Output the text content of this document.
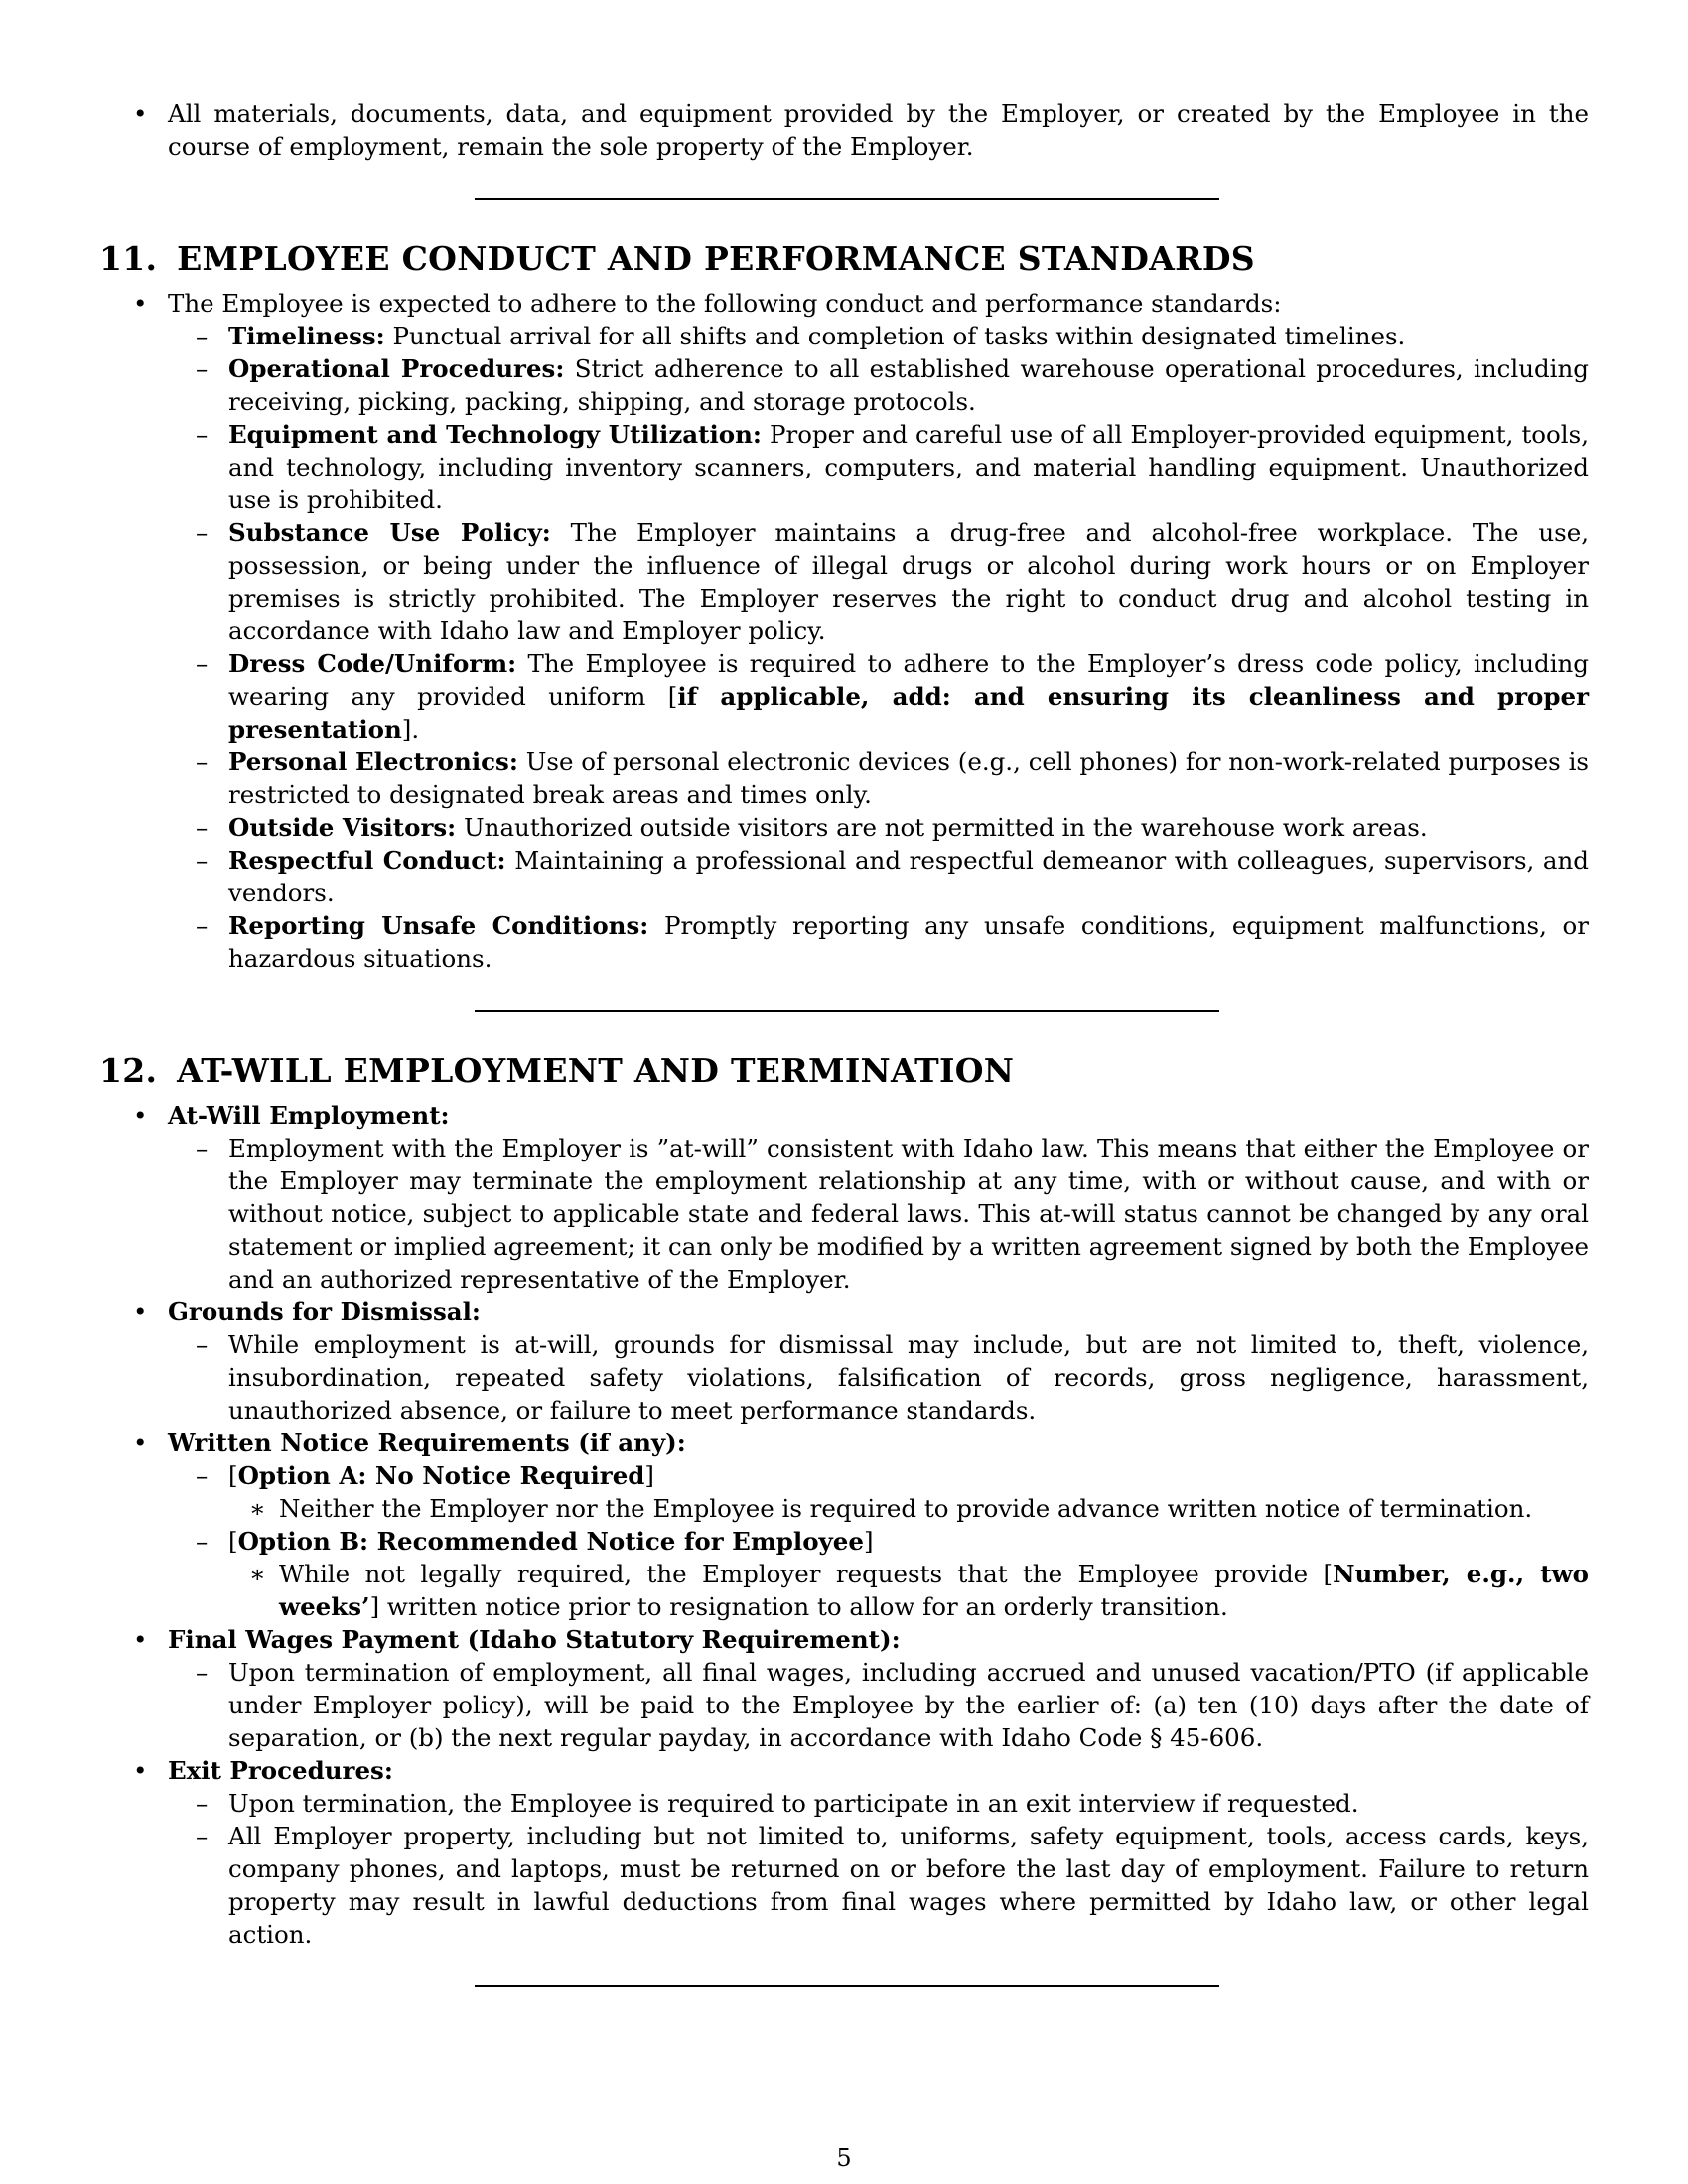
• All materials, documents, data, and equipment provided by the Employer, or created by the Employee in the course of employment, remain the sole property of the Employer.

11. EMPLOYEE CONDUCT AND PERFORMANCE STANDARDS

• The Employee is expected to adhere to the following conduct and performance standards:

– Timeliness: Punctual arrival for all shifts and completion of tasks within designated timelines.

– Operational Procedures: Strict adherence to all established warehouse operational procedures, including receiving, picking, packing, shipping, and storage protocols.

– Equipment and Technology Utilization: Proper and careful use of all Employer-provided equipment, tools, and technology, including inventory scanners, computers, and material handling equipment. Unauthorized use is prohibited.

– Substance Use Policy: The Employer maintains a drug-free and alcohol-free workplace. The use, possession, or being under the influence of illegal drugs or alcohol during work hours or on Employer premises is strictly prohibited. The Employer reserves the right to conduct drug and alcohol testing in accordance with Idaho law and Employer policy.

– Dress Code/Uniform: The Employee is required to adhere to the Employer’s dress code policy, including wearing any provided uniform [if applicable, add: and ensuring its cleanliness and proper presentation].

– Personal Electronics: Use of personal electronic devices (e.g., cell phones) for non-work-related purposes is restricted to designated break areas and times only.

– Outside Visitors: Unauthorized outside visitors are not permitted in the warehouse work areas.

– Respectful Conduct: Maintaining a professional and respectful demeanor with colleagues, supervisors, and vendors.

– Reporting Unsafe Conditions: Promptly reporting any unsafe conditions, equipment malfunctions, or hazardous situations.

12. AT-WILL EMPLOYMENT AND TERMINATION

• At-Will Employment:

– Employment with the Employer is ”at-will” consistent with Idaho law. This means that either the Employee or the Employer may terminate the employment relationship at any time, with or without cause, and with or without notice, subject to applicable state and federal laws. This at-will status cannot be changed by any oral statement or implied agreement; it can only be modified by a written agreement signed by both the Employee and an authorized representative of the Employer.

• Grounds for Dismissal:

– While employment is at-will, grounds for dismissal may include, but are not limited to, theft, violence, insubordination, repeated safety violations, falsification of records, gross negligence, harassment, unauthorized absence, or failure to meet performance standards.

• Written Notice Requirements (if any):

– [Option A: No Notice Required]

∗ Neither the Employer nor the Employee is required to provide advance written notice of termination.

– [Option B: Recommended Notice for Employee]

∗ While not legally required, the Employer requests that the Employee provide [Number, e.g., two weeks’] written notice prior to resignation to allow for an orderly transition.

• Final Wages Payment (Idaho Statutory Requirement):

– Upon termination of employment, all final wages, including accrued and unused vacation/PTO (if applicable under Employer policy), will be paid to the Employee by the earlier of: (a) ten (10) days after the date of separation, or (b) the next regular payday, in accordance with Idaho Code § 45-606.

• Exit Procedures:

– Upon termination, the Employee is required to participate in an exit interview if requested.

– All Employer property, including but not limited to, uniforms, safety equipment, tools, access cards, keys, company phones, and laptops, must be returned on or before the last day of employment. Failure to return property may result in lawful deductions from final wages where permitted by Idaho law, or other legal action.

5
